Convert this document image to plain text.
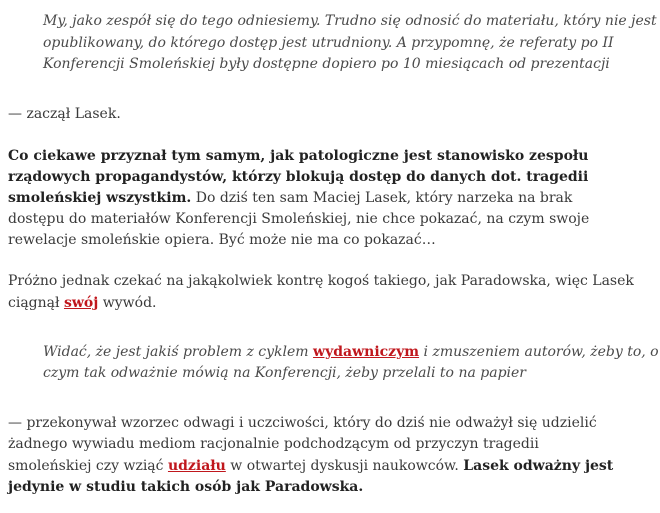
My, jako zespół się do tego odniesiemy. Trudno się odnosić do materiału, który nie jest
opublikowany, do którego dostęp jest utrudniony. A przypomnę, że referaty po II
Konferencji Smoleńskiej były dostępne dopiero po 10 miesiącach od prezentacji
— zaczął Lasek.
Co ciekawe przyznał tym samym, jak patologiczne jest stanowisko zespołu
rządowych propagandystów, którzy blokują dostęp do danych dot. tragedii
smoleńskiej wszystkim. Do dziś ten sam Maciej Lasek, który narzeka na brak
dostępu do materiałów Konferencji Smoleńskiej, nie chce pokazać, na czym swoje
rewelacje smoleńskie opiera. Być może nie ma co pokazać…
Próżno jednak czekać na jakąkolwiek kontrę kogoś takiego, jak Paradowska, więc Lasek
ciągnął swój wywód.
Widać, że jest jakiś problem z cyklem wydawniczym i zmuszeniem autorów, żeby to, o
czym tak odważnie mówią na Konferencji, żeby przelali to na papier
— przekonywał wzorzec odwagi i uczciwości, który do dziś nie odważył się udzielić
żadnego wywiadu mediom racjonalnie podchodzącym od przyczyn tragedii
smoleńskiej czy wziąć udziału w otwartej dyskusji naukowców. Lasek odważny jest
jedynie w studiu takich osób jak Paradowska.
